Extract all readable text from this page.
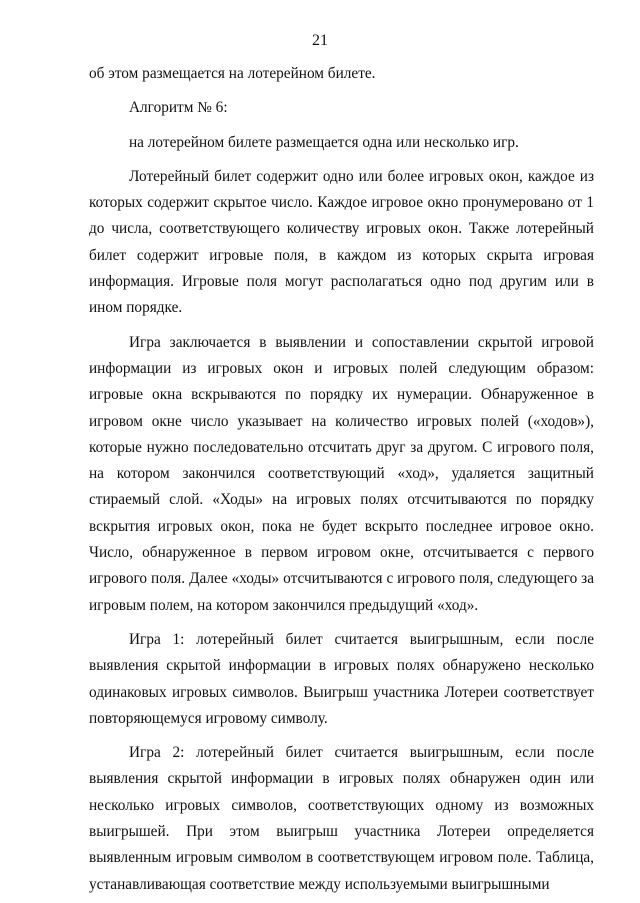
21

об этом размещается на лотерейном билете.

Алгоритм № 6:

на лотерейном билете размещается одна или несколько игр.

Лотерейный билет содержит одно или более игровых окон, каждое из которых содержит скрытое число. Каждое игровое окно пронумеровано от 1 до числа, соответствующего количеству игровых окон. Также лотерейный билет содержит игровые поля, в каждом из которых скрыта игровая информация. Игровые поля могут располагаться одно под другим или в ином порядке.

Игра заключается в выявлении и сопоставлении скрытой игровой информации из игровых окон и игровых полей следующим образом: игровые окна вскрываются по порядку их нумерации. Обнаруженное в игровом окне число указывает на количество игровых полей («ходов»), которые нужно последовательно отсчитать друг за другом. С игрового поля, на котором закончился соответствующий «ход», удаляется защитный стираемый слой. «Ходы» на игровых полях отсчитываются по порядку вскрытия игровых окон, пока не будет вскрыто последнее игровое окно. Число, обнаруженное в первом игровом окне, отсчитывается с первого игрового поля. Далее «ходы» отсчитываются с игрового поля, следующего за игровым полем, на котором закончился предыдущий «ход».

Игра 1: лотерейный билет считается выигрышным, если после выявления скрытой информации в игровых полях обнаружено несколько одинаковых игровых символов. Выигрыш участника Лотереи соответствует повторяющемуся игровому символу.

Игра 2: лотерейный билет считается выигрышным, если после выявления скрытой информации в игровых полях обнаружен один или несколько игровых символов, соответствующих одному из возможных выигрышей. При этом выигрыш участника Лотереи определяется выявленным игровым символом в соответствующем игровом поле. Таблица, устанавливающая соответствие между используемыми выигрышными
